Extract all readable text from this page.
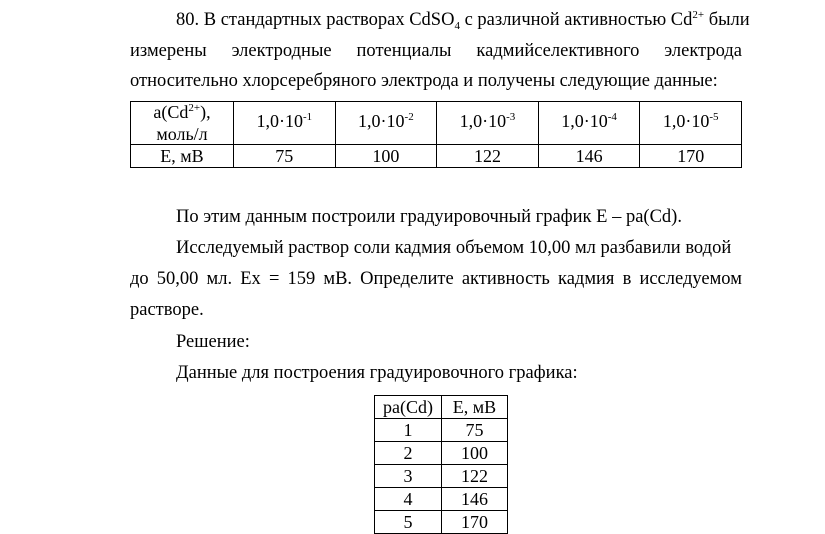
80. В стандартных растворах CdSO$_4$ с различной активностью $Cd^{2+}$ были
измерены электродные потенциалы кадмийселективного электрода
относительно хлорсеребряного электрода и получены следующие данные:
$a(Cd^{2+})$,
моль/л	$1,0\cdot 10^{-1}$	$1,0\cdot 10^{-2}$	$1,0\cdot 10^{-3}$	$1,0\cdot 10^{-4}$	$1,0\cdot 10^{-5}$
E, мВ	75	100	122	146	170
По этим данным построили градуировочный график E – pa(Cd).
Исследуемый раствор соли кадмия объемом 10,00 мл разбавили водой
до 50,00 мл. Ex = 159 мВ. Определите активность кадмия в исследуемом
растворе.
Решение:
Данные для построения градуировочного графика:
pa(Cd)	E, мВ
1	75
2	100
3	122
4	146
5	170
